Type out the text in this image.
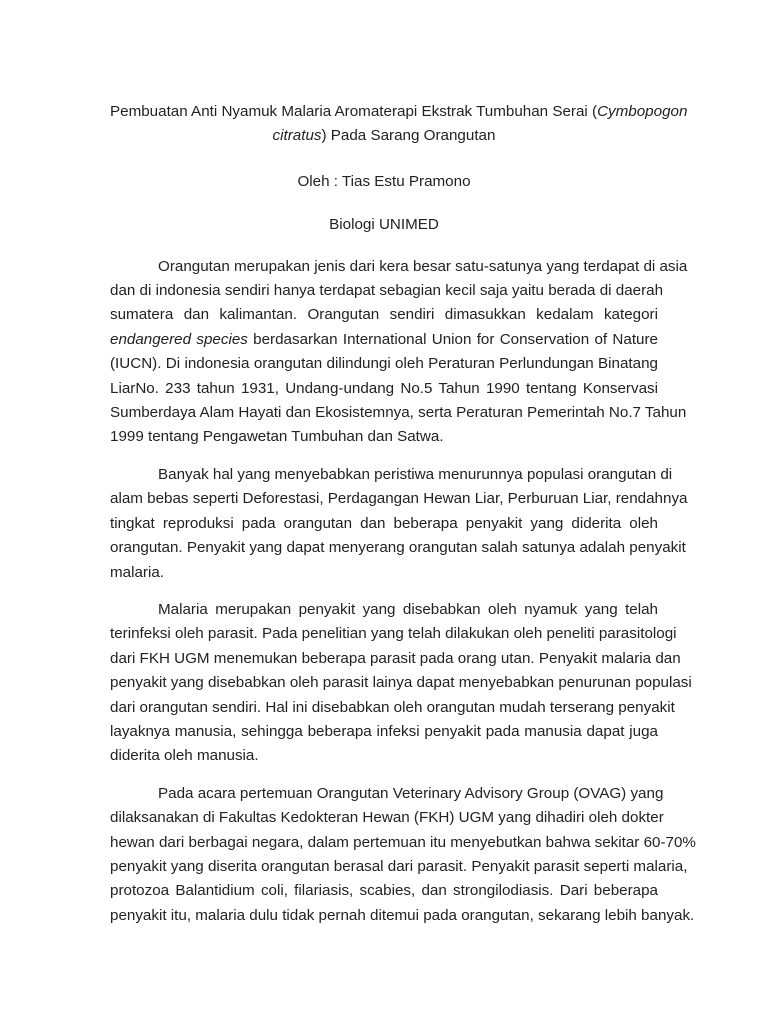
Pembuatan Anti Nyamuk Malaria Aromaterapi Ekstrak Tumbuhan Serai (Cymbopogon

citratus) Pada Sarang Orangutan

Oleh : Tias Estu Pramono

Biologi UNIMED

Orangutan merupakan jenis dari kera besar satu-satunya yang terdapat di asia
dan di indonesia sendiri hanya terdapat sebagian kecil saja yaitu berada di daerah
sumatera dan kalimantan. Orangutan sendiri dimasukkan kedalam kategori
endangered species berdasarkan International Union for Conservation of Nature
(IUCN). Di indonesia orangutan dilindungi oleh Peraturan Perlundungan Binatang
LiarNo. 233 tahun 1931, Undang-undang No.5 Tahun 1990 tentang Konservasi
Sumberdaya Alam Hayati dan Ekosistemnya, serta Peraturan Pemerintah No.7 Tahun
1999 tentang Pengawetan Tumbuhan dan Satwa.
Banyak hal yang menyebabkan peristiwa menurunnya populasi orangutan di
alam bebas seperti Deforestasi, Perdagangan Hewan Liar, Perburuan Liar, rendahnya
tingkat reproduksi pada orangutan dan beberapa penyakit yang diderita oleh
orangutan. Penyakit yang dapat menyerang orangutan salah satunya adalah penyakit
malaria.
Malaria merupakan penyakit yang disebabkan oleh nyamuk yang telah
terinfeksi oleh parasit. Pada penelitian yang telah dilakukan oleh peneliti parasitologi
dari FKH UGM menemukan beberapa parasit pada orang utan. Penyakit malaria dan
penyakit yang disebabkan oleh parasit lainya dapat menyebabkan penurunan populasi
dari orangutan sendiri. Hal ini disebabkan oleh orangutan mudah terserang penyakit
layaknya manusia, sehingga beberapa infeksi penyakit pada manusia dapat juga
diderita oleh manusia.
Pada acara pertemuan Orangutan Veterinary Advisory Group (OVAG) yang
dilaksanakan di Fakultas Kedokteran Hewan (FKH) UGM yang dihadiri oleh dokter
hewan dari berbagai negara, dalam pertemuan itu menyebutkan bahwa sekitar 60-70%
penyakit yang diserita orangutan berasal dari parasit. Penyakit parasit seperti malaria,
protozoa Balantidium coli, filariasis, scabies, dan strongilodiasis. Dari beberapa
penyakit itu, malaria dulu tidak pernah ditemui pada orangutan, sekarang lebih banyak.
